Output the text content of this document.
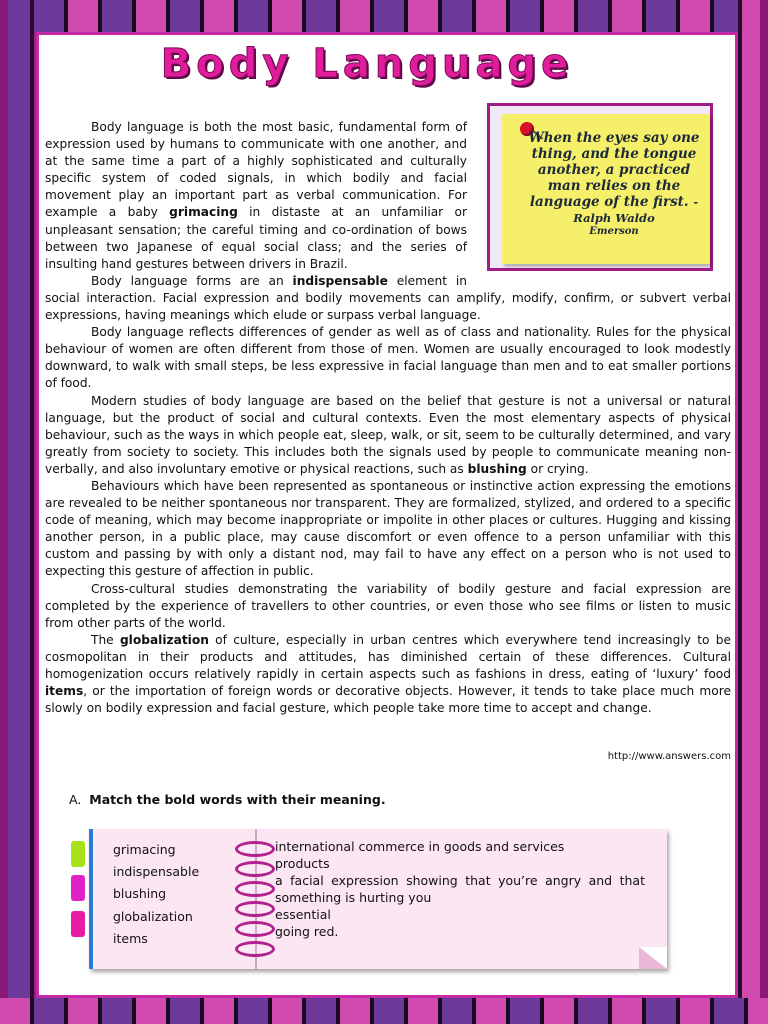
Body Language
When the eyes say one thing, and the tongue another, a practiced man relies on the language of the first. - Ralph Waldo
Emerson

Body language is both the most basic, fundamental form of expression used by humans to communicate with one another, and at the same time a part of a highly sophisticated and culturally specific system of coded signals, in which bodily and facial movement play an important part as verbal communication. For example a baby grimacing in distaste at an unfamiliar or unpleasant sensation; the careful timing and co-ordination of bows between two Japanese of equal social class; and the series of insulting hand gestures between drivers in Brazil.

Body language forms are an indispensable element in social interaction. Facial expression and bodily movements can amplify, modify, confirm, or subvert verbal expressions, having meanings which elude or surpass verbal language.

Body language reflects differences of gender as well as of class and nationality. Rules for the physical behaviour of women are often different from those of men. Women are usually encouraged to look modestly downward, to walk with small steps, be less expressive in facial language than men and to eat smaller portions of food.

Modern studies of body language are based on the belief that gesture is not a universal or natural language, but the product of social and cultural contexts. Even the most elementary aspects of physical behaviour, such as the ways in which people eat, sleep, walk, or sit, seem to be culturally determined, and vary greatly from society to society. This includes both the signals used by people to communicate meaning non-verbally, and also involuntary emotive or physical reactions, such as blushing or crying.

Behaviours which have been represented as spontaneous or instinctive action expressing the emotions are revealed to be neither spontaneous nor transparent. They are formalized, stylized, and ordered to a specific code of meaning, which may become inappropriate or impolite in other places or cultures. Hugging and kissing another person, in a public place, may cause discomfort or even offence to a person unfamiliar with this custom and passing by with only a distant nod, may fail to have any effect on a person who is not used to expecting this gesture of affection in public.

Cross-cultural studies demonstrating the variability of bodily gesture and facial expression are completed by the experience of travellers to other countries, or even those who see films or listen to music from other parts of the world.

The globalization of culture, especially in urban centres which everywhere tend increasingly to be cosmopolitan in their products and attitudes, has diminished certain of these differences. Cultural homogenization occurs relatively rapidly in certain aspects such as fashions in dress, eating of ‘luxury’ food items, or the importation of foreign words or decorative objects. However, it tends to take place much more slowly on bodily expression and facial gesture, which people take more time to accept and change.

http://www.answers.com
A. Match the bold words with their meaning.
grimacing
indispensable
blushing
globalization
items
international commerce in goods and services
products
a facial expression showing that you’re angry and that something is hurting you
essential
going red.
